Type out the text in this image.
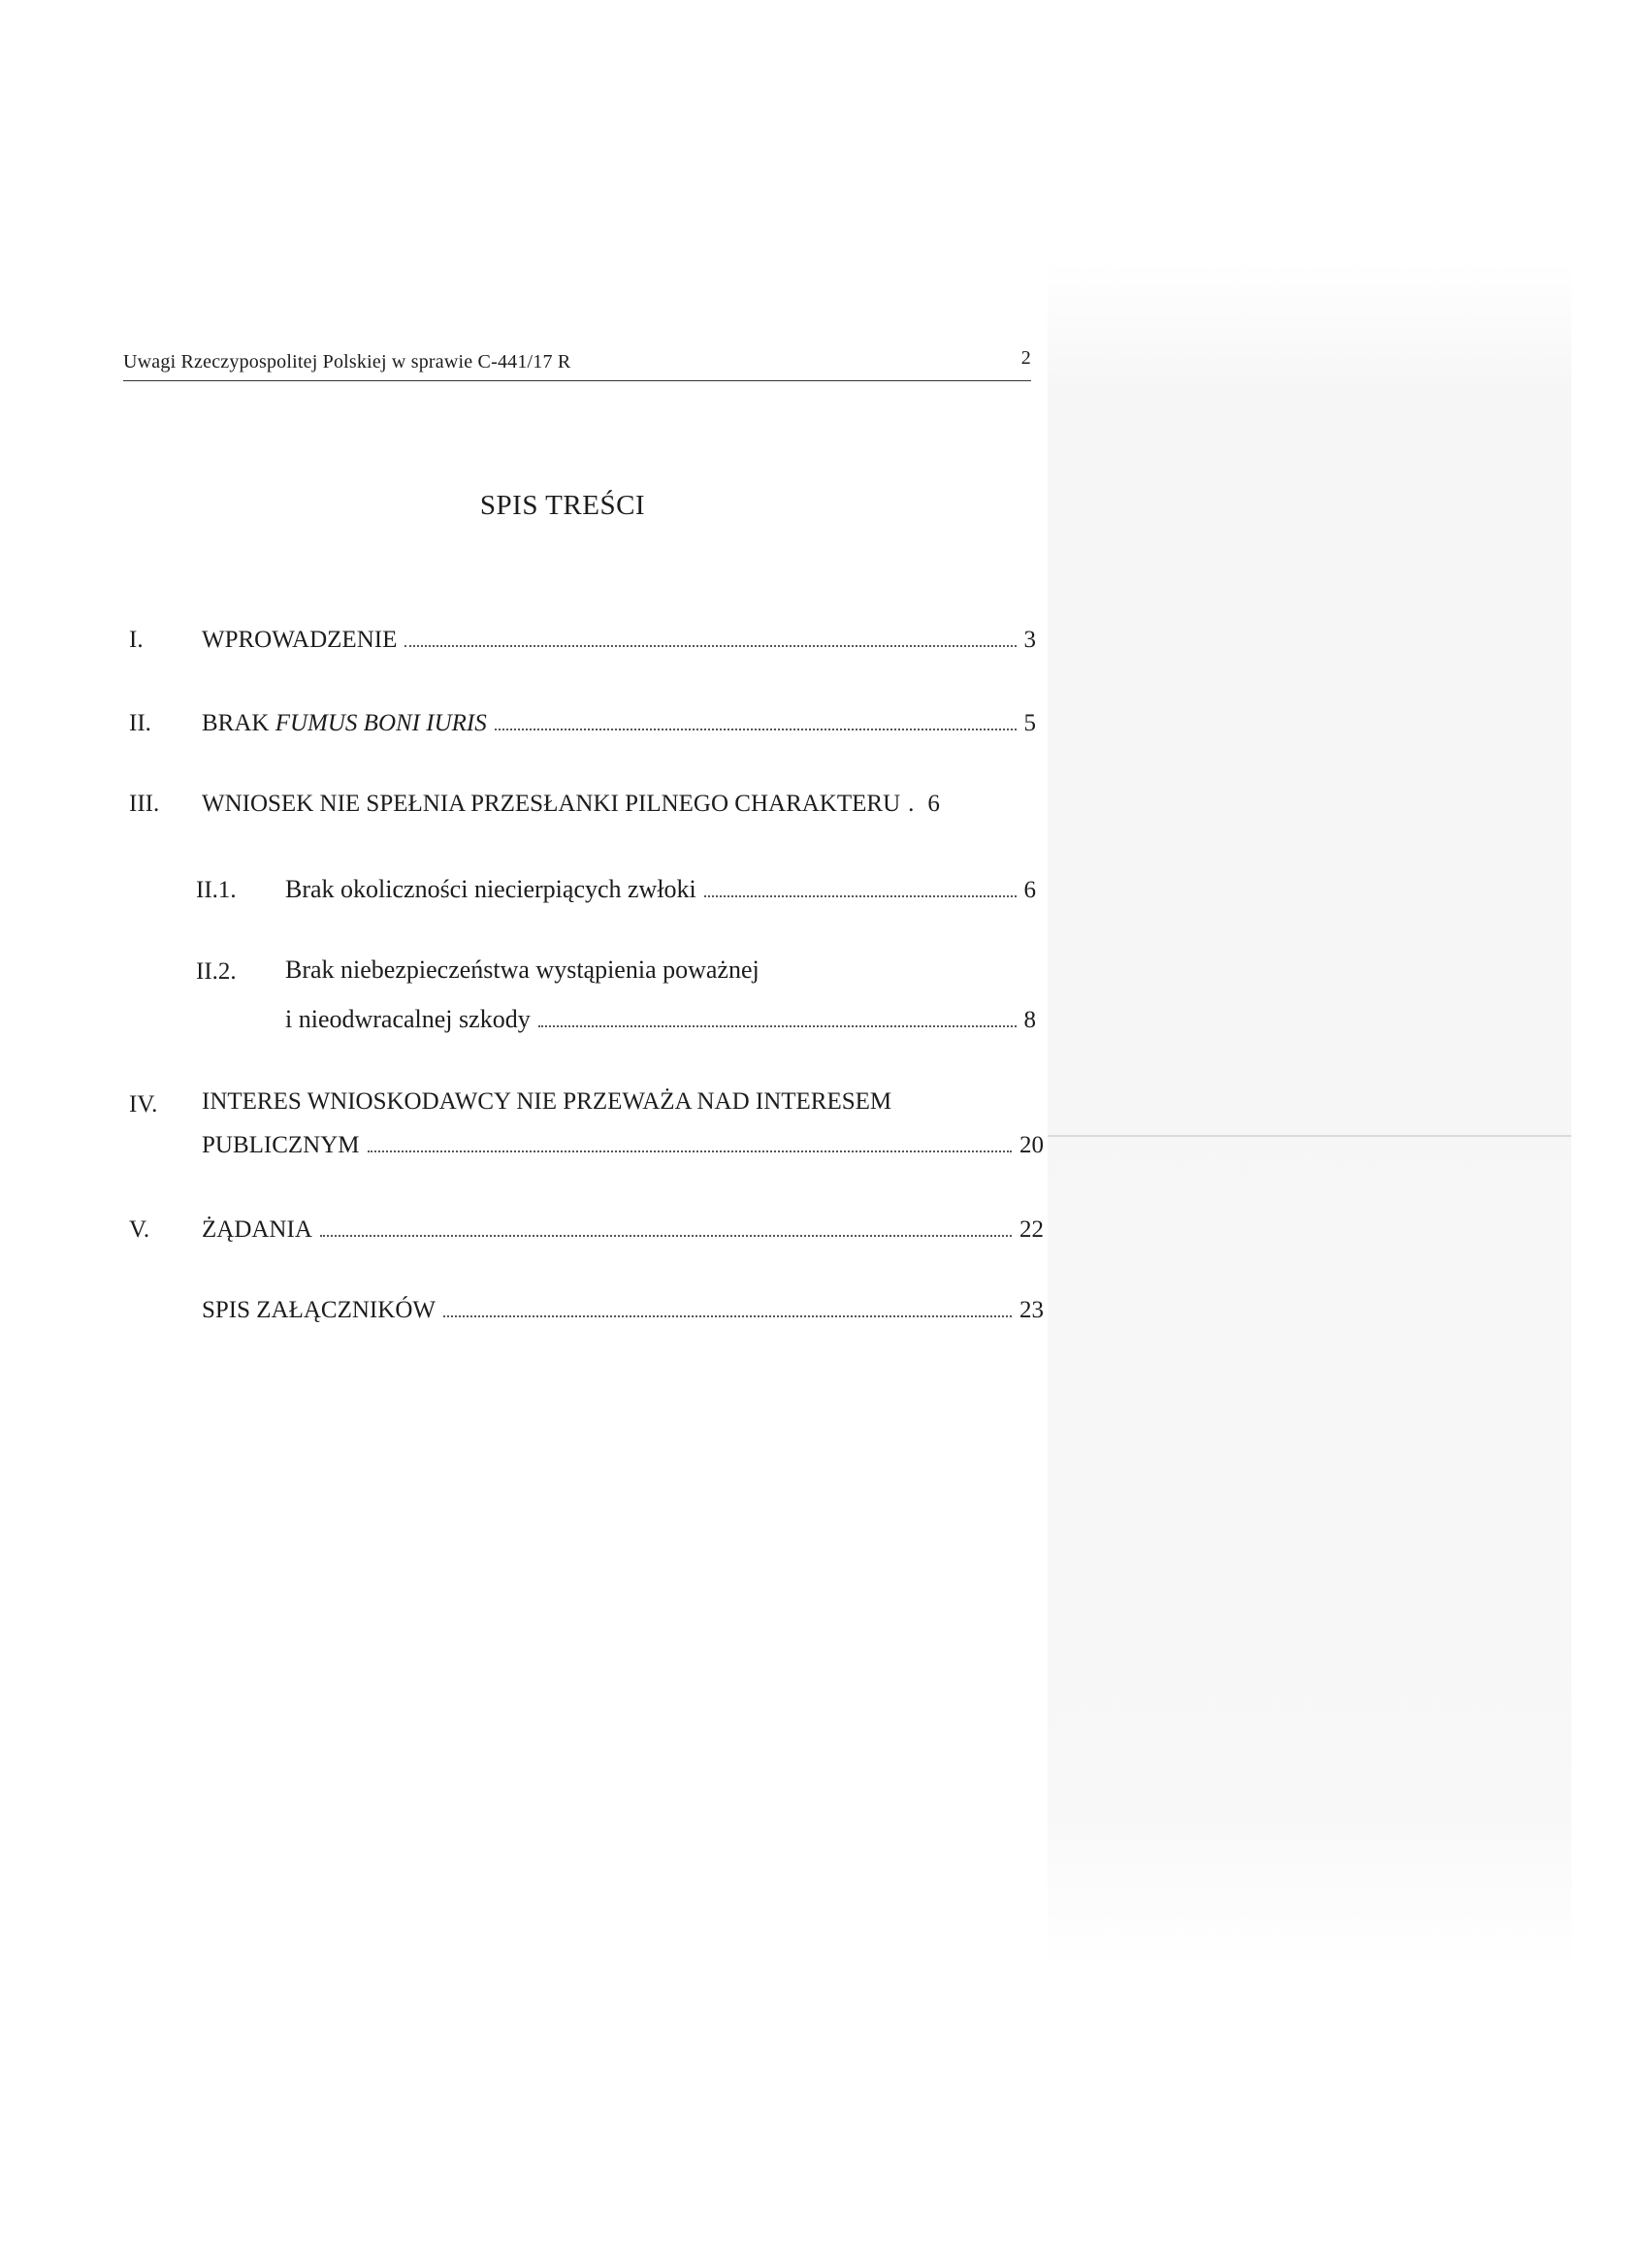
Uwagi Rzeczypospolitej Polskiej w sprawie C-441/17 R	2
SPIS TREŚCI
I.	WPROWADZENIE	3
II.	BRAK FUMUS BONI IURIS	5
III.	WNIOSEK NIE SPEŁNIA PRZESŁANKI PILNEGO CHARAKTERU . 6
II.1.	Brak okoliczności niecierpiących zwłoki	6
II.2. Brak niebezpieczeństwa wystąpienia poważnej
i nieodwracalnej szkody	8
IV. INTERES WNIOSKODAWCY NIE PRZEWAŻA NAD INTERESEM
PUBLICZNYM	20
V.	ŻĄDANIA	22
SPIS ZAŁĄCZNIKÓW	23
